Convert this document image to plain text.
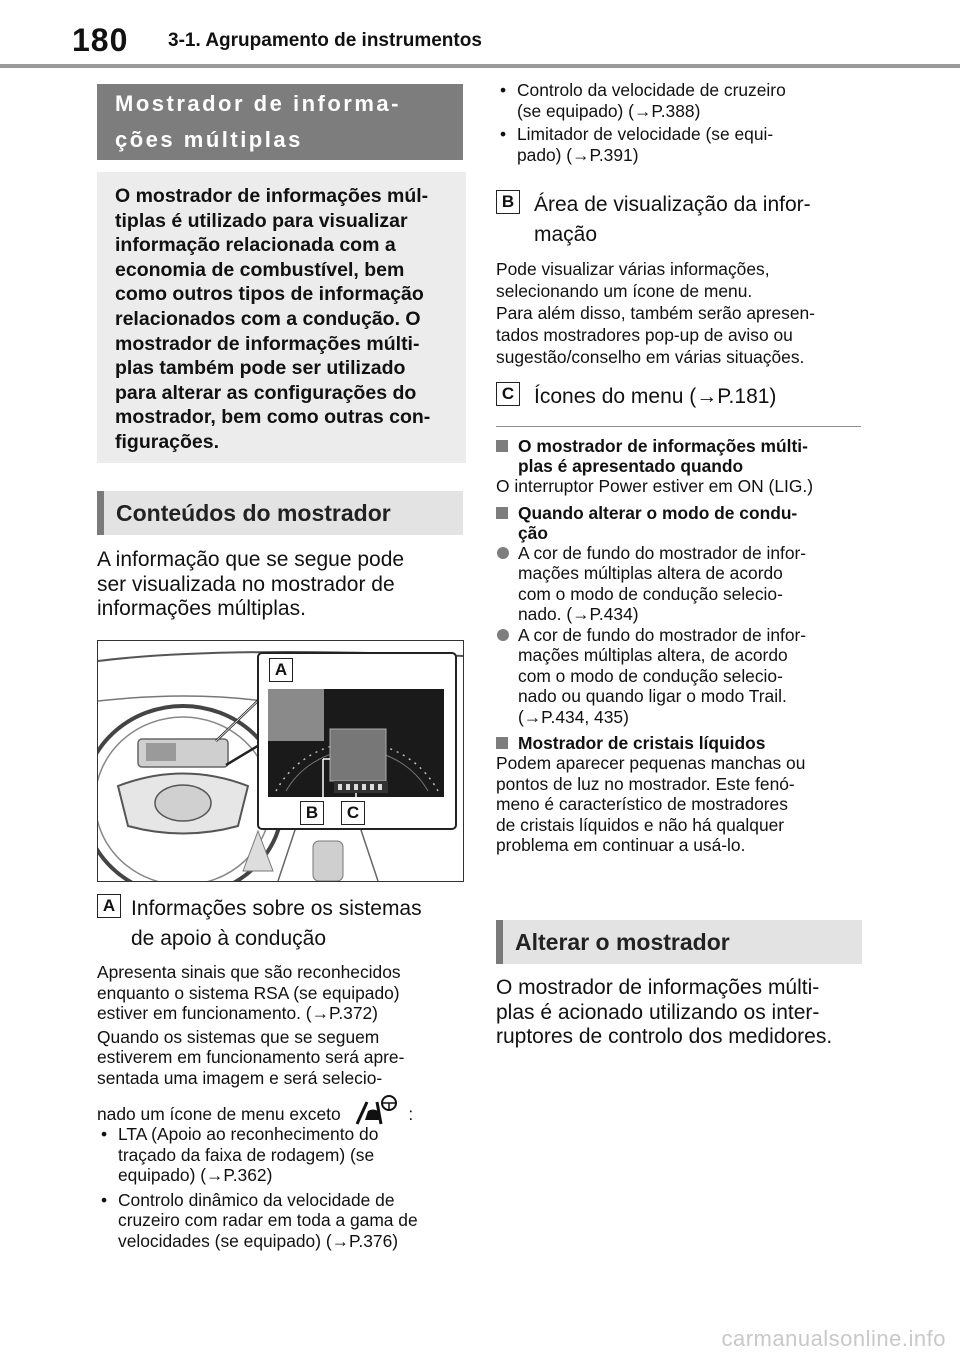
180 3-1. Agrupamento de instrumentos
Mostrador de informa-
ções múltiplas
O mostrador de informações múl-
tiplas é utilizado para visualizar
informação relacionada com a
economia de combustível, bem
como outros tipos de informação
relacionados com a condução. O
mostrador de informações múlti-
plas também pode ser utilizado
para alterar as configurações do
mostrador, bem como outras con-
figurações.
Conteúdos do mostrador
A informação que se segue pode
ser visualizada no mostrador de
informações múltiplas.
A
B	C
A Informações sobre os sistemas
de apoio à condução
Apresenta sinais que são reconhecidos
enquanto o sistema RSA (se equipado)
estiver em funcionamento. (→P.372)
Quando os sistemas que se seguem
estiverem em funcionamento será apre-
sentada uma imagem e será selecio-
nado um ícone de menu exceto	:
• LTA (Apoio ao reconhecimento do
traçado da faixa de rodagem) (se
equipado) (→P.362)
• Controlo dinâmico da velocidade de
cruzeiro com radar em toda a gama de
velocidades (se equipado) (→P.376)
• Controlo da velocidade de cruzeiro
(se equipado) (→P.388)
• Limitador de velocidade (se equi-
pado) (→P.391)
B Área de visualização da infor-
mação
Pode visualizar várias informações,
selecionando um ícone de menu.
Para além disso, também serão apresen-
tados mostradores pop-up de aviso ou
sugestão/conselho em várias situações.
C Ícones do menu (→P.181)
O mostrador de informações múlti-
plas é apresentado quando
O interruptor Power estiver em ON (LIG.)
Quando alterar o modo de condu-
ção
A cor de fundo do mostrador de infor-
mações múltiplas altera de acordo
com o modo de condução selecio-
nado. (→P.434)
A cor de fundo do mostrador de infor-
mações múltiplas altera, de acordo
com o modo de condução selecio-
nado ou quando ligar o modo Trail.
(→P.434, 435)
Mostrador de cristais líquidos
Podem aparecer pequenas manchas ou
pontos de luz no mostrador. Este fenó-
meno é característico de mostradores
de cristais líquidos e não há qualquer
problema em continuar a usá-lo.
Alterar o mostrador
O mostrador de informações múlti-
plas é acionado utilizando os inter-
ruptores de controlo dos medidores.
carmanualsonline.info
